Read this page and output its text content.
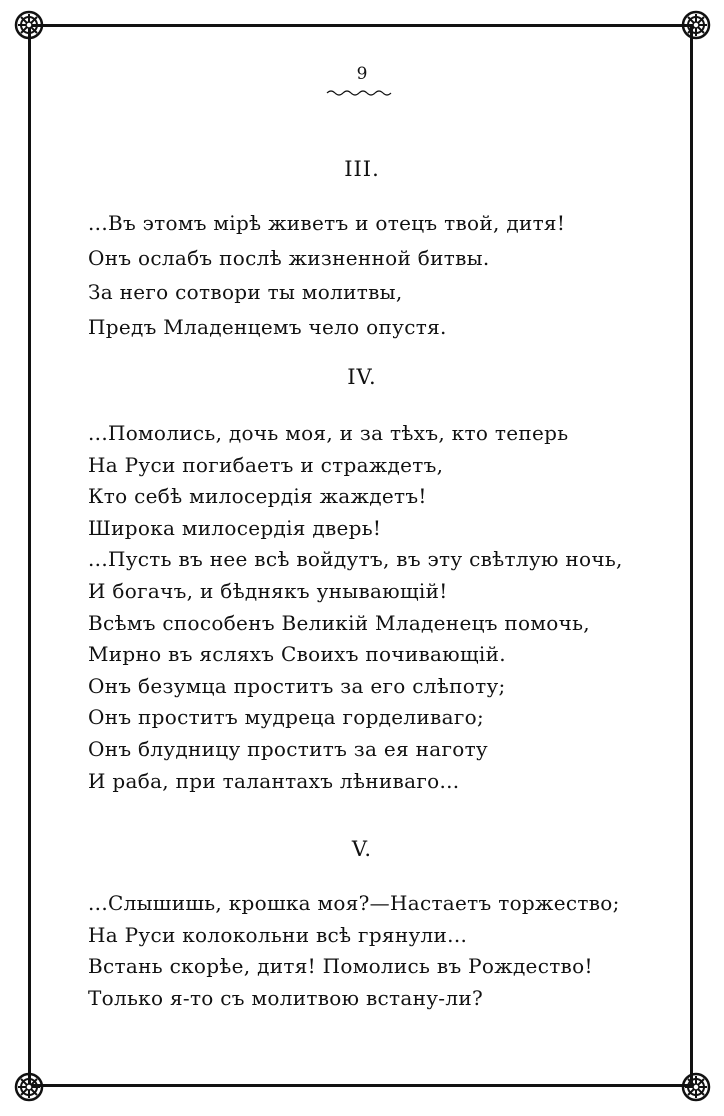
9
III.
...Въ этомъ мірѣ живетъ и отецъ твой, дитя!
Онъ ослабъ послѣ жизненной битвы.
За него сотвори ты молитвы,
Предъ Младенцемъ чело опустя.
IV.
...Помолись, дочь моя, и за тѣхъ, кто теперь
На Руси погибаетъ и страждетъ,
Кто себѣ милосердія жаждетъ!
Широка милосердія дверь!
...Пусть въ нее всѣ войдутъ, въ эту свѣтлую ночь,
И богачъ, и бѣднякъ унывающій!
Всѣмъ способенъ Великій Младенецъ помочь,
Мирно въ ясляхъ Своихъ почивающій.
Онъ безумца проститъ за его слѣпоту;
Онъ проститъ мудреца горделиваго;
Онъ блудницу проститъ за ея наготу
И раба, при талантахъ лѣниваго...
V.
...Слышишь, крошка моя?—Настаетъ торжество;
На Руси колокольни всѣ грянули...
Встань скорѣе, дитя! Помолись въ Рождество!
Только я-то съ молитвою встану-ли?
